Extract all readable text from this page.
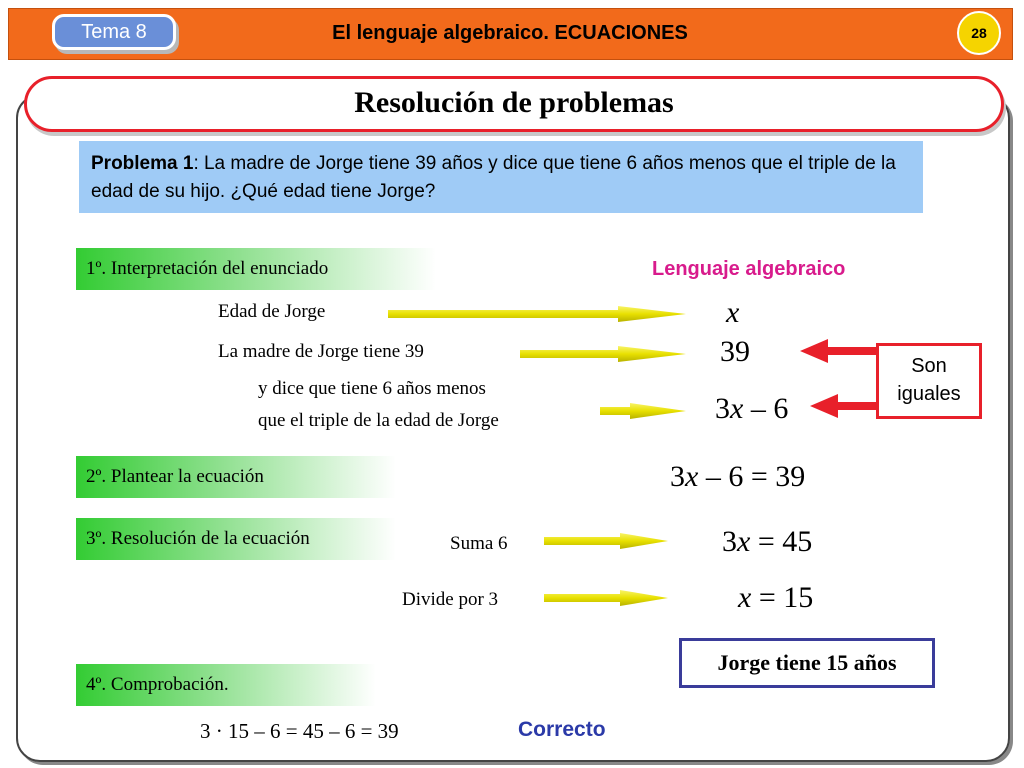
Tema 8	El lenguaje algebraico. ECUACIONES	28
Resolución de problemas
Problema 1: La madre de Jorge tiene 39 años y dice que tiene 6 años menos que el triple de la edad de su hijo. ¿Qué edad tiene Jorge?
1º. Interpretación del enunciado	Lenguaje algebraico
Edad de Jorge	x
La madre de Jorge tiene 39	39
y dice que tiene 6 años menos
que el triple de la edad de Jorge	3x – 6
Son
iguales
2º. Plantear la ecuación	3x – 6 = 39
3º. Resolución de la ecuación	Suma 6	3x = 45
Divide por 3	x = 15
Jorge tiene 15 años
4º. Comprobación.
3 · 15 – 6 = 45 – 6 = 39	Correcto
